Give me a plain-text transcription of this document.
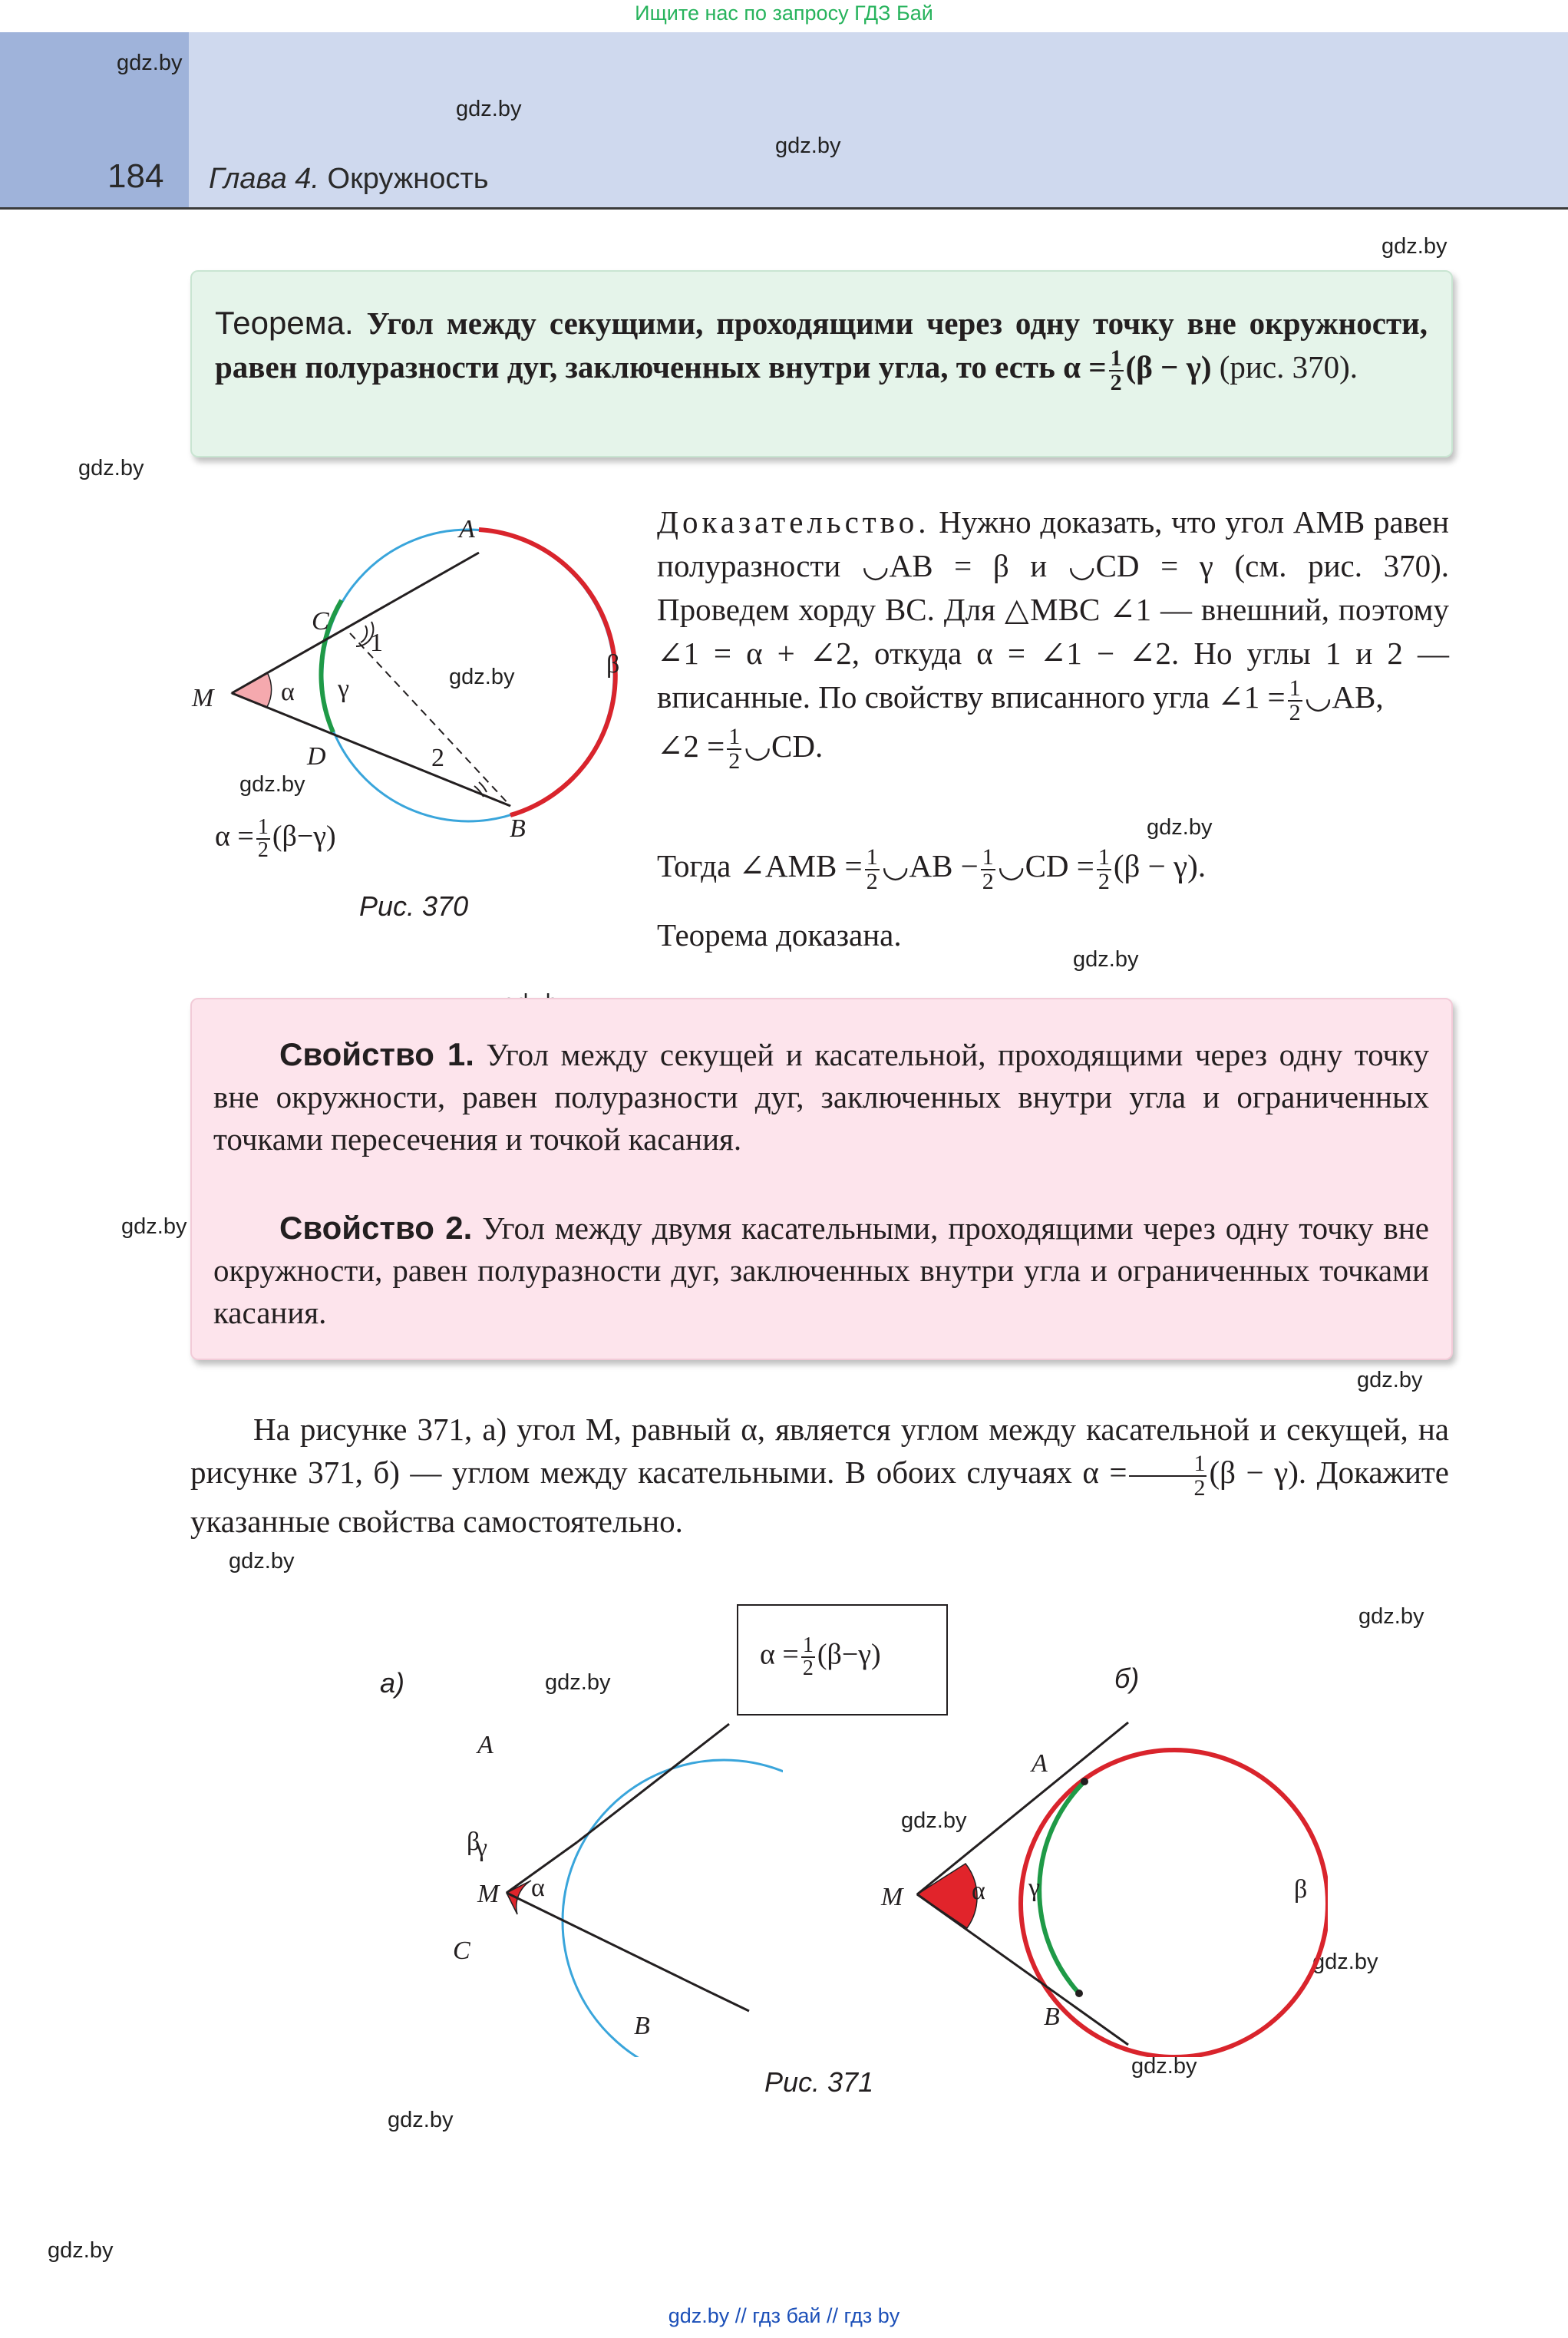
Ищите нас по запросу ГДЗ Бай
184 Глава 4. Окружность
gdz.by
gdz.by
gdz.by
gdz.by
gdz.by
gdz.by
gdz.by
gdz.by
gdz.by
gdz.by
gdz.by
gdz.by
gdz.by
gdz.by
gdz.by
gdz.by
gdz.by
gdz.by
gdz.by
Теорема. Угол между секущими, проходящими через одну точку вне окружности, равен полуразности дуг, заключенных внутри угла, то есть $\alpha = \frac{1}{2} (\beta - \gamma)$ (рис. 370).
A
C
1
M	α γ
β
D	2
B
$\alpha = \frac{1}{2} (\beta-\gamma)$
Рис. 370
Доказательство. Нужно доказать, что угол AMB равен полуразности ◡AB = β и ◡CD = γ (см. рис. 370). Проведем хорду BC. Для △MBC ∠1 — внешний, поэтому ∠1 = α + ∠2, откуда α = ∠1 − ∠2. Но углы 1 и 2 — вписанные. По свойству вписанного угла ∠1 = $\frac{1}{2}$ ◡AB,
∠2 = $\frac{1}{2}$ ◡CD.
Тогда ∠AMB = $\frac{1}{2}$ ◡AB − $\frac{1}{2}$ ◡CD = $\frac{1}{2} (\beta - \gamma)$.
Теорема доказана.
Свойство 1. Угол между секущей и касательной, проходящими через одну точку вне окружности, равен полуразности дуг, заключенных внутри угла и ограниченных точками пересечения и точкой касания.
Свойство 2. Угол между двумя касательными, проходящими через одну точку вне окружности, равен полуразности дуг, заключенных внутри угла и ограниченных точками касания.
На рисунке 371, а) угол M, равный α, является углом между касательной и секущей, на рисунке 371, б) — углом между касательными. В обоих случаях $\alpha = \frac{1}{2} (\beta - \gamma)$. Докажите указанные свойства самостоятельно.
$\alpha = \frac{1}{2} (\beta-\gamma)$
а)	б)
M α
β
γ
A
C
B
M	α γ	β
A
B
Рис. 371
gdz.by // гдз бай // гдз by
